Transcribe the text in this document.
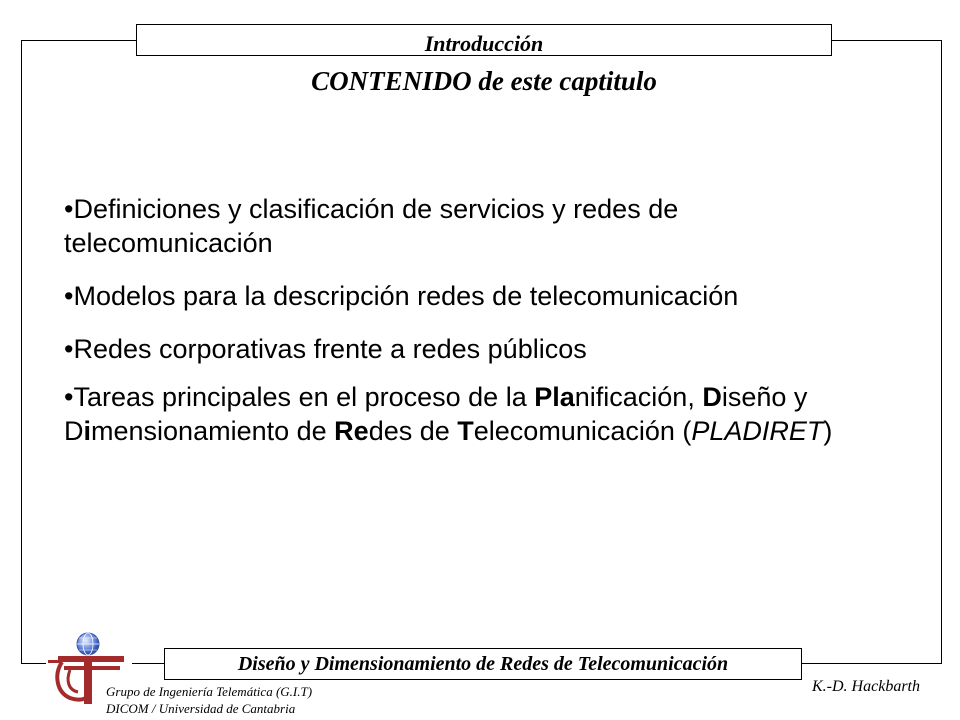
Introducción
CONTENIDO de este captitulo
•Definiciones y clasificación de servicios y redes de telecomunicación
•Modelos para la descripción redes de telecomunicación
•Redes corporativas frente a redes públicos
•Tareas principales en el proceso de la Planificación, Diseño y Dimensionamiento de Redes de Telecomunicación (PLADIRET)
Diseño y Dimensionamiento de Redes de Telecomunicación
Grupo de Ingeniería Telemática (G.I.T)
DICOM / Universidad de Cantabria
K.-D. Hackbarth
